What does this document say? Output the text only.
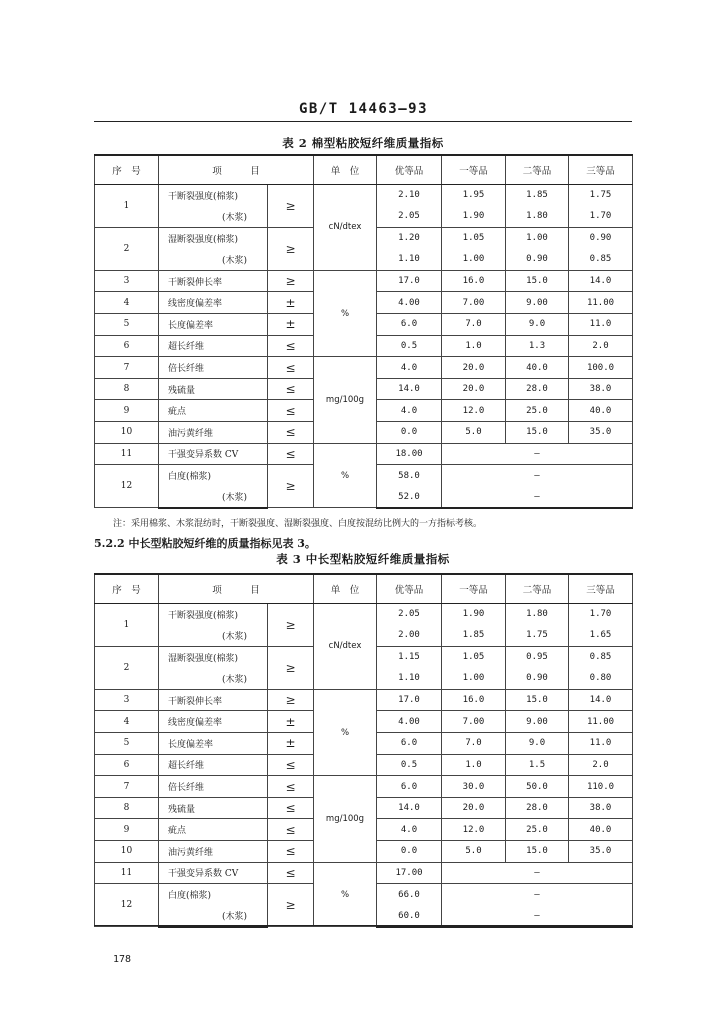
GB/T 14463—93
表 2 棉型粘胶短纤维质量指标
序　号	项　　　目		单　位	优等品	一等品	二等品	三等品
1	干断裂强度(棉浆)	≥	cN/dtex	2.10	1.95	1.85	1.75
	(木浆)			2.05	1.90	1.80	1.70
2	湿断裂强度(棉浆)	≥		1.20	1.05	1.00	0.90
	(木浆)			1.10	1.00	0.90	0.85
3	干断裂伸长率	≥	%	17.0	16.0	15.0	14.0
4	线密度偏差率	±		4.00	7.00	9.00	11.00
5	长度偏差率	±		6.0	7.0	9.0	11.0
6	超长纤维	≤		0.5	1.0	1.3	2.0
7	倍长纤维	≤	mg/100g	4.0	20.0	40.0	100.0
8	残硫量	≤		14.0	20.0	28.0	38.0
9	疵点	≤		4.0	12.0	25.0	40.0
10	油污黄纤维	≤		0.0	5.0	15.0	35.0
11	干强变异系数 CV	≤	%	18.00	—		
12	白度(棉浆)	≥		58.0	—		
	(木浆)			52.0	—		
注：采用棉浆、木浆混纺时，干断裂强度、湿断裂强度、白度按混纺比例大的一方指标考核。
5.2.2 中长型粘胶短纤维的质量指标见表 3。
表 3 中长型粘胶短纤维质量指标
序　号	项　　　目		单　位	优等品	一等品	二等品	三等品
1	干断裂强度(棉浆)	≥	cN/dtex	2.05	1.90	1.80	1.70
	(木浆)			2.00	1.85	1.75	1.65
2	湿断裂强度(棉浆)	≥		1.15	1.05	0.95	0.85
	(木浆)			1.10	1.00	0.90	0.80
3	干断裂伸长率	≥	%	17.0	16.0	15.0	14.0
4	线密度偏差率	±		4.00	7.00	9.00	11.00
5	长度偏差率	±		6.0	7.0	9.0	11.0
6	超长纤维	≤		0.5	1.0	1.5	2.0
7	倍长纤维	≤	mg/100g	6.0	30.0	50.0	110.0
8	残硫量	≤		14.0	20.0	28.0	38.0
9	疵点	≤		4.0	12.0	25.0	40.0
10	油污黄纤维	≤		0.0	5.0	15.0	35.0
11	干强变异系数 CV	≤	%	17.00	—		
12	白度(棉浆)	≥		66.0	—		
	(木浆)			60.0	—		
178
